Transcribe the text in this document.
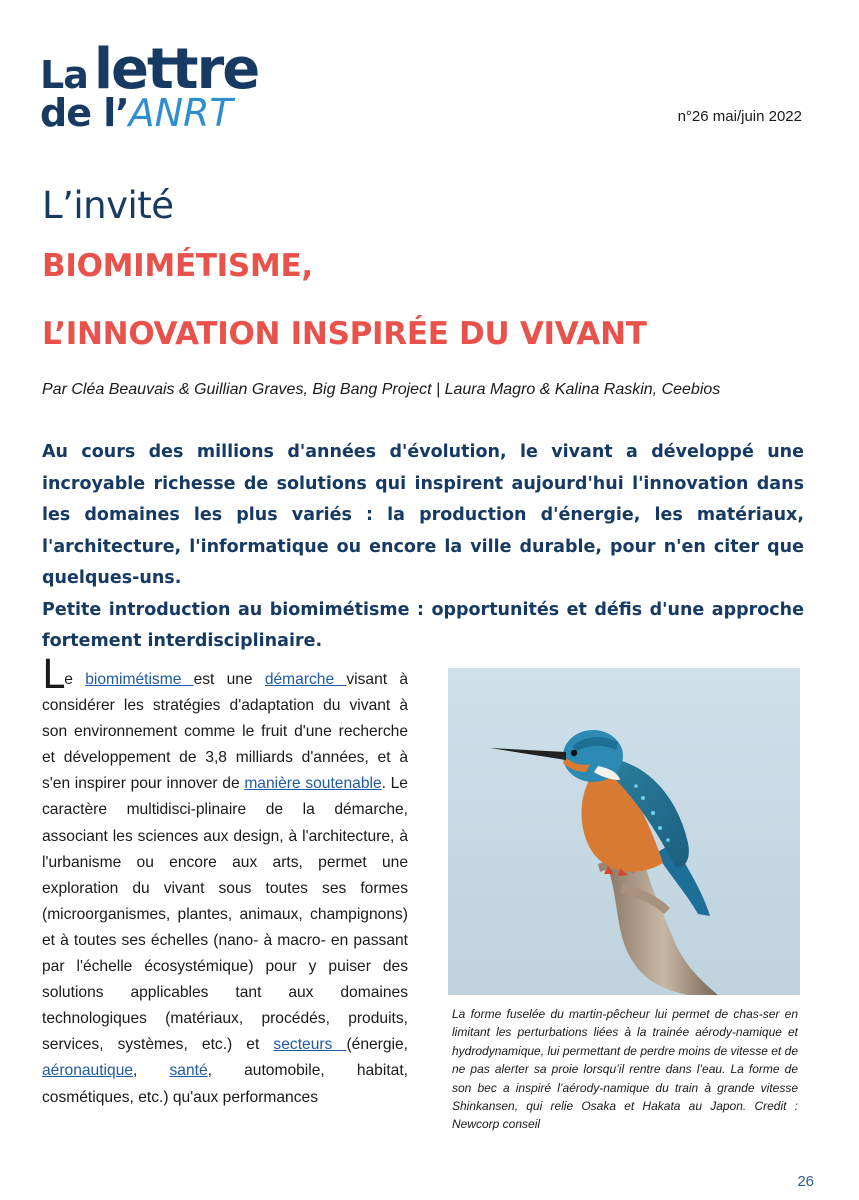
La lettre
de l’ANRT	n°26 mai/juin 2022
L’invité
BIOMIMÉTISME,
L’INNOVATION INSPIRÉE DU VIVANT
Par Cléa Beauvais & Guillian Graves, Big Bang Project | Laura Magro & Kalina Raskin, Ceebios

Au cours des millions d'années d'évolution, le vivant a développé une incroyable richesse de solutions qui inspirent aujourd'hui l'innovation dans les domaines les plus variés : la production d'énergie, les matériaux, l'architecture, l'informatique ou encore la ville durable, pour n'en citer que quelques-uns.

Petite introduction au biomimétisme : opportunités et défis d'une approche fortement interdisciplinaire.

Le biomimétisme est une démarche visant à considérer les stratégies d'adaptation du vivant à son environnement comme le fruit d'une recherche et développement de 3,8 milliards d'années, et à s'en inspirer pour innover de manière soutenable. Le caractère multidisci-plinaire de la démarche, associant les sciences aux design, à l'architecture, à l'urbanisme ou encore aux arts, permet une exploration du vivant sous toutes ses formes (microorganismes, plantes, animaux, champignons) et à toutes ses échelles (nano- à macro- en passant par l'échelle écosystémique) pour y puiser des solutions applicables tant aux domaines technologiques (matériaux, procédés, produits, services, systèmes, etc.) et secteurs (énergie, aéronautique, santé, automobile, habitat, cosmétiques, etc.) qu'aux performances
La forme fuselée du martin-pêcheur lui permet de chas-ser en limitant les perturbations liées à la trainée aérody-namique et hydrodynamique, lui permettant de perdre moins de vitesse et de ne pas alerter sa proie lorsqu’il rentre dans l’eau. La forme de son bec a inspiré l’aérody-namique du train à grande vitesse Shinkansen, qui relie Osaka et Hakata au Japon. Credit : Newcorp conseil
26
